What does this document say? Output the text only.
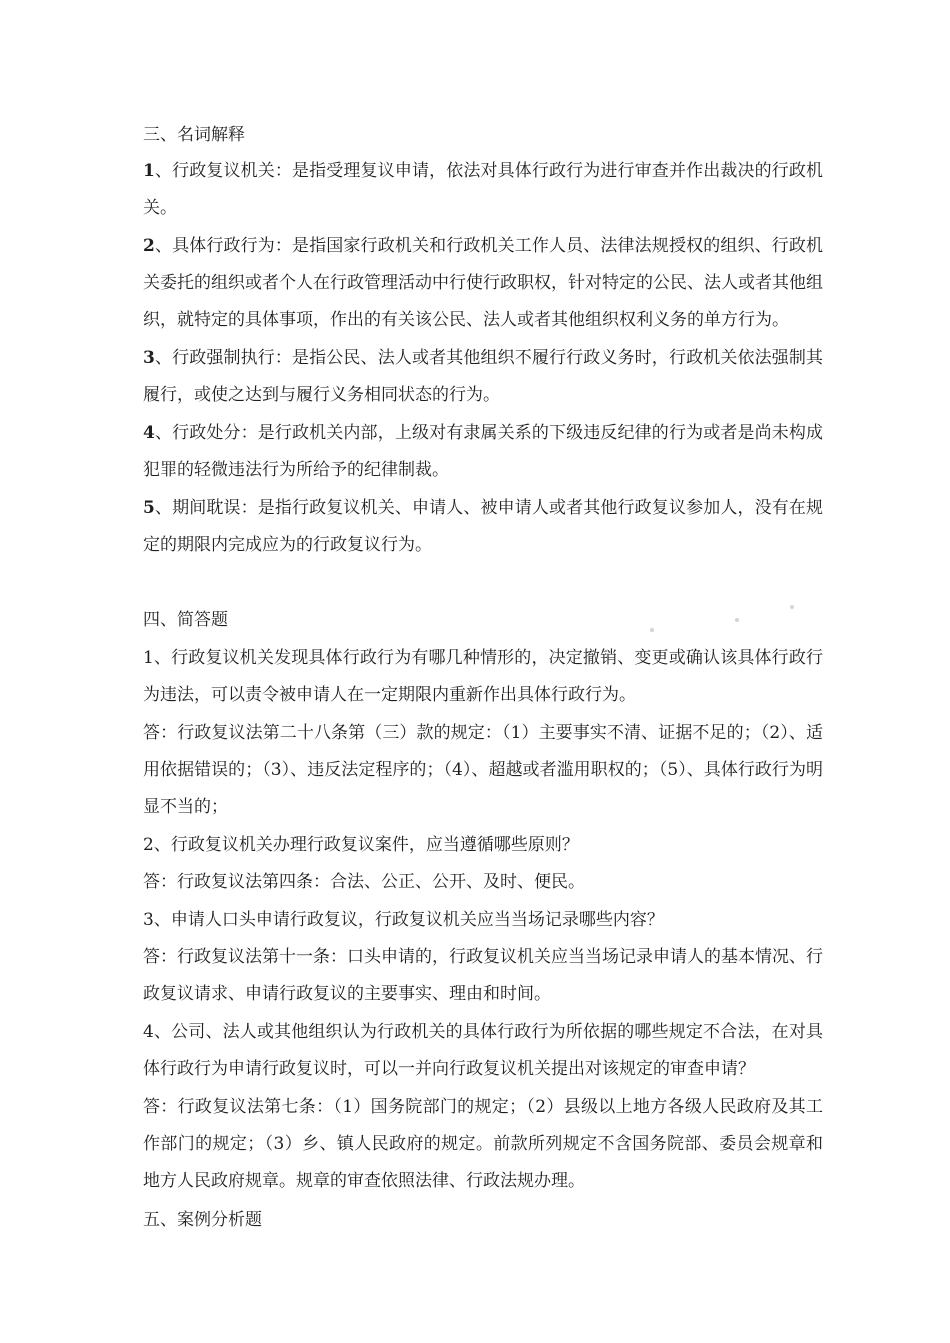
三、名词解释
1、行政复议机关：是指受理复议申请，依法对具体行政行为进行审查并作出裁决的行政机关。
2、具体行政行为：是指国家行政机关和行政机关工作人员、法律法规授权的组织、行政机关委托的组织或者个人在行政管理活动中行使行政职权，针对特定的公民、法人或者其他组织，就特定的具体事项，作出的有关该公民、法人或者其他组织权利义务的单方行为。
3、行政强制执行：是指公民、法人或者其他组织不履行行政义务时，行政机关依法强制其履行，或使之达到与履行义务相同状态的行为。
4、行政处分：是行政机关内部，上级对有隶属关系的下级违反纪律的行为或者是尚未构成犯罪的轻微违法行为所给予的纪律制裁。
5、期间耽误：是指行政复议机关、申请人、被申请人或者其他行政复议参加人，没有在规定的期限内完成应为的行政复议行为。
四、简答题
1、行政复议机关发现具体行政行为有哪几种情形的，决定撤销、变更或确认该具体行政行为违法，可以责令被申请人在一定期限内重新作出具体行政行为。
答：行政复议法第二十八条第（三）款的规定：（1）主要事实不清、证据不足的；（2）、适用依据错误的；（3）、违反法定程序的；（4）、超越或者滥用职权的；（5）、具体行政行为明显不当的；
2、行政复议机关办理行政复议案件，应当遵循哪些原则？
答：行政复议法第四条：合法、公正、公开、及时、便民。
3、申请人口头申请行政复议，行政复议机关应当当场记录哪些内容？
答：行政复议法第十一条：口头申请的，行政复议机关应当当场记录申请人的基本情况、行政复议请求、申请行政复议的主要事实、理由和时间。
4、公司、法人或其他组织认为行政机关的具体行政行为所依据的哪些规定不合法，在对具体行政行为申请行政复议时，可以一并向行政复议机关提出对该规定的审查申请？
答：行政复议法第七条：（1）国务院部门的规定；（2）县级以上地方各级人民政府及其工作部门的规定；（3）乡、镇人民政府的规定。前款所列规定不含国务院部、委员会规章和地方人民政府规章。规章的审查依照法律、行政法规办理。
五、案例分析题
